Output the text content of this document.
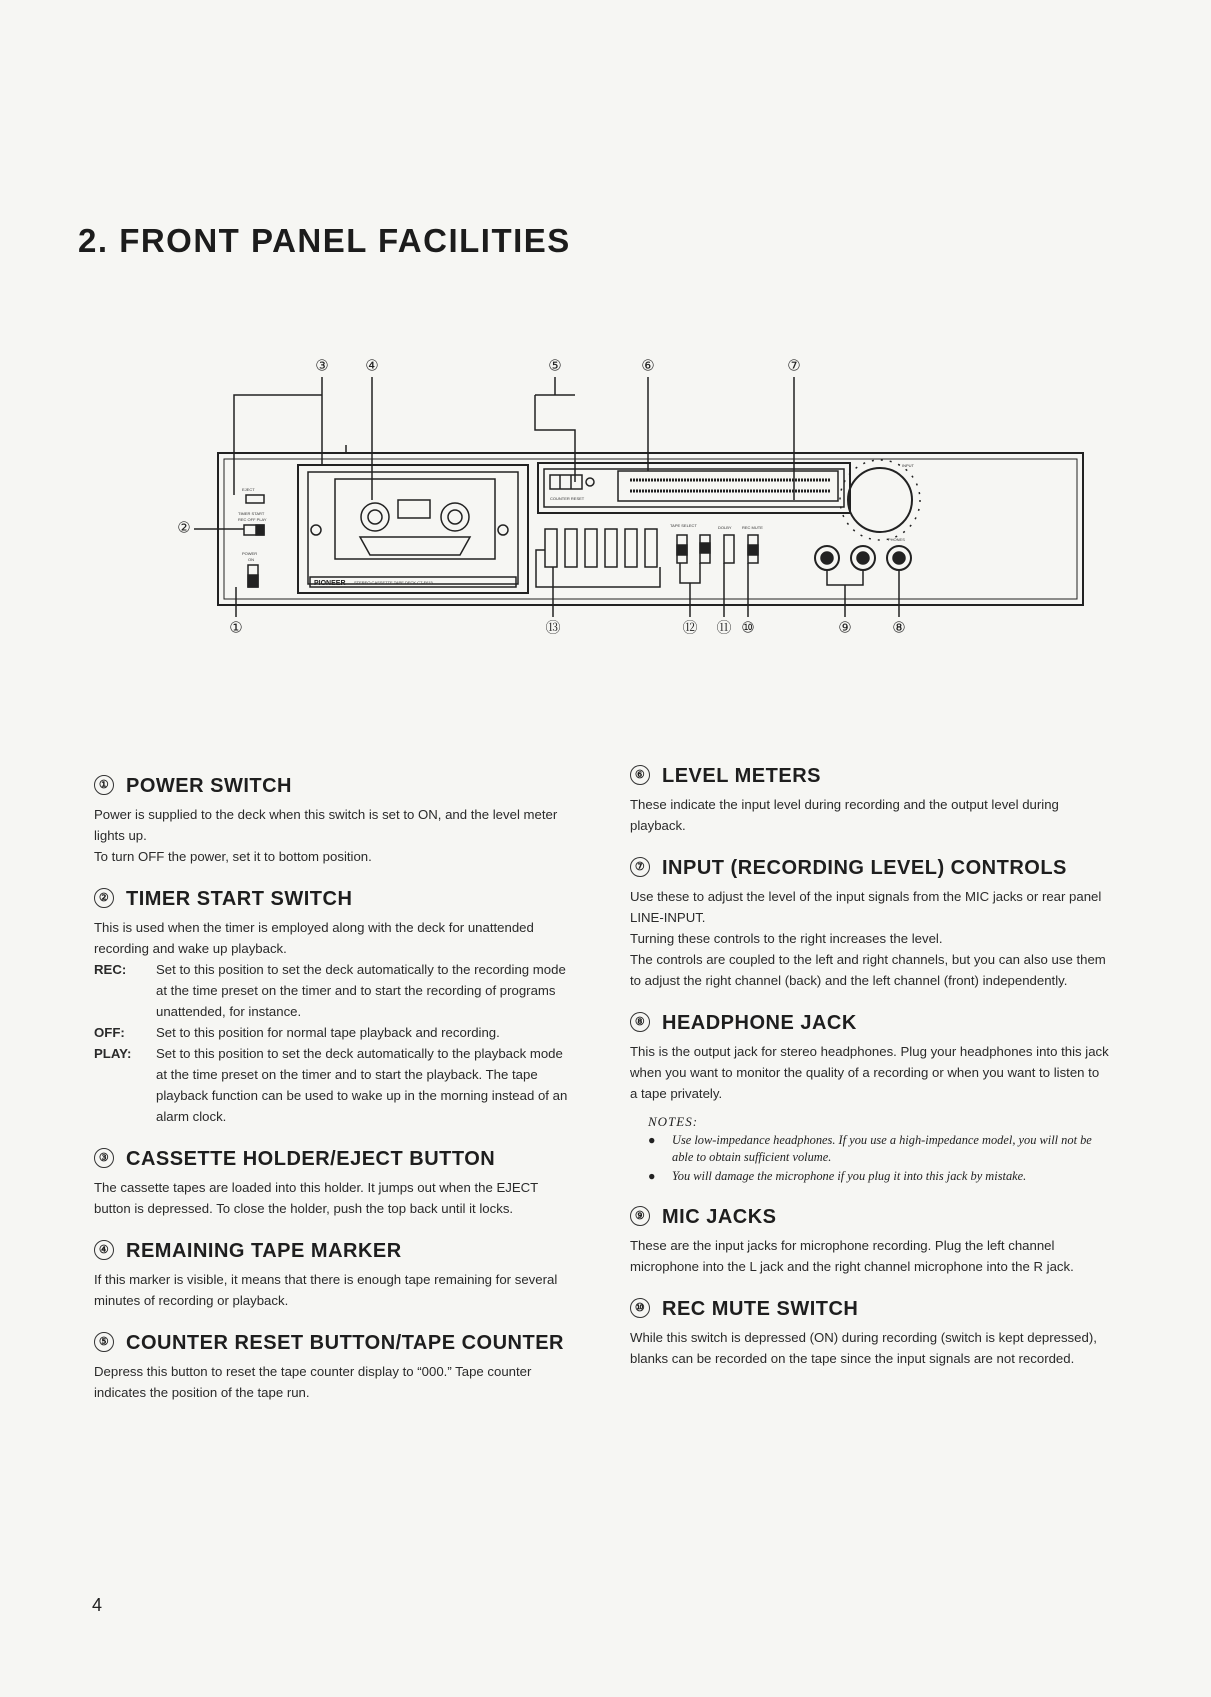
2. FRONT PANEL FACILITIES
EJECT
TIMER START
REC OFF PLAY
POWER
ON
PIONEER STEREO CASSETTE TAPE DECK CT-F615
COUNTER RESET
TAPE SELECT	DOLBY	REC MUTE
INPUT
PHONES
③ ④	⑤	⑥	⑦
②
①	⑬	⑫ ⑪ ⑩	⑨	⑧
① POWER SWITCH

Power is supplied to the deck when this switch is set to ON, and the level meter lights up.

To turn OFF the power, set it to bottom position.

② TIMER START SWITCH

This is used when the timer is employed along with the deck for unattended recording and wake up playback.

REC:	Set to this position to set the deck automatically to the recording mode at the time preset on the timer and to start the recording of programs unattended, for instance.
OFF:	Set to this position for normal tape playback and recording.
PLAY:	Set to this position to set the deck automatically to the playback mode at the time preset on the timer and to start the playback. The tape playback function can be used to wake up in the morning instead of an alarm clock.
③ CASSETTE HOLDER/EJECT BUTTON

The cassette tapes are loaded into this holder. It jumps out when the EJECT button is depressed. To close the holder, push the top back until it locks.

④ REMAINING TAPE MARKER

If this marker is visible, it means that there is enough tape remaining for several minutes of recording or playback.

⑤ COUNTER RESET BUTTON/TAPE COUNTER

Depress this button to reset the tape counter display to “000.” Tape counter indicates the position of the tape run.

⑥ LEVEL METERS

These indicate the input level during recording and the output level during playback.

⑦ INPUT (RECORDING LEVEL) CONTROLS

Use these to adjust the level of the input signals from the MIC jacks or rear panel LINE-INPUT.

Turning these controls to the right increases the level.

The controls are coupled to the left and right channels, but you can also use them to adjust the right channel (back) and the left channel (front) independently.

⑧ HEADPHONE JACK

This is the output jack for stereo headphones. Plug your headphones into this jack when you want to monitor the quality of a recording or when you want to listen to a tape privately.

NOTES:
●	Use low-impedance headphones. If you use a high-impedance model, you will not be able to obtain sufficient volume.
●	You will damage the microphone if you plug it into this jack by mistake.
⑨ MIC JACKS

These are the input jacks for microphone recording. Plug the left channel microphone into the L jack and the right channel microphone into the R jack.

⑩ REC MUTE SWITCH

While this switch is depressed (ON) during recording (switch is kept depressed), blanks can be recorded on the tape since the input signals are not recorded.

4
